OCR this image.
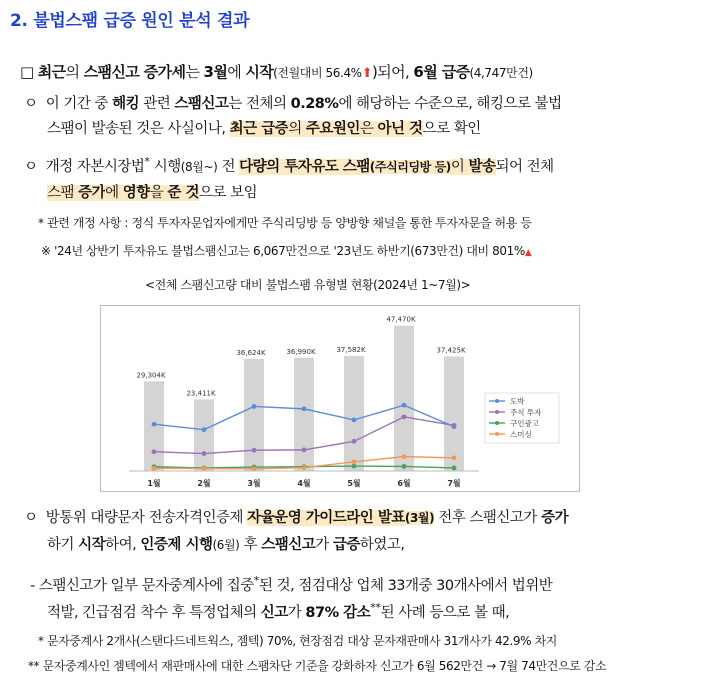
2. 불법스팸 급증 원인 분석 결과
□ 최근의 스팸신고 증가세는 3월에 시작(전월대비 56.4%⬆)되어, 6월 급증(4,747만건)
ㅇ 이 기간 중 해킹 관련 스팸신고는 전체의 0.28%에 해당하는 수준으로, 해킹으로 불법
스팸이 발송된 것은 사실이나, 최근 급증의 주요원인은 아닌 것으로 확인
ㅇ 개정 자본시장법* 시행(8월~) 전 다량의 투자유도 스팸(주식리딩방 등)이 발송되어 전체
스팸 증가에 영향을 준 것으로 보임
* 관련 개정 사항 : 정식 투자자문업자에게만 주식리딩방 등 양방향 채널을 통한 투자자문을 허용 등
※ '24년 상반기 투자유도 불법스팸신고는 6,067만건으로 '23년도 하반기(673만건) 대비 801%▲
<전체 스팸신고량 대비 불법스팸 유형별 현황(2024년 1~7월)>
29,304K
23,411K
36,624K	36,990K	37,582K
47,470K
37,425K
1월	2월	3월	4월	5월	6월	7월
도박
주식 투자
구인광고
스미싱
ㅇ 방통위 대량문자 전송자격인증제 자율운영 가이드라인 발표(3월) 전후 스팸신고가 증가
하기 시작하여, 인증제 시행(6월) 후 스팸신고가 급증하였고,
- 스팸신고가 일부 문자중계사에 집중*된 것, 점검대상 업체 33개중 30개사에서 법위반
적발, 긴급점검 착수 후 특정업체의 신고가 87% 감소**된 사례 등으로 볼 때,
* 문자중계사 2개사(스탠다드네트웍스, 젬텍) 70%, 현장점검 대상 문자재판매사 31개사가 42.9% 차지
** 문자중계사인 젬텍에서 재판매사에 대한 스팸차단 기준을 강화하자 신고가 6월 562만건 → 7월 74만건으로 감소
